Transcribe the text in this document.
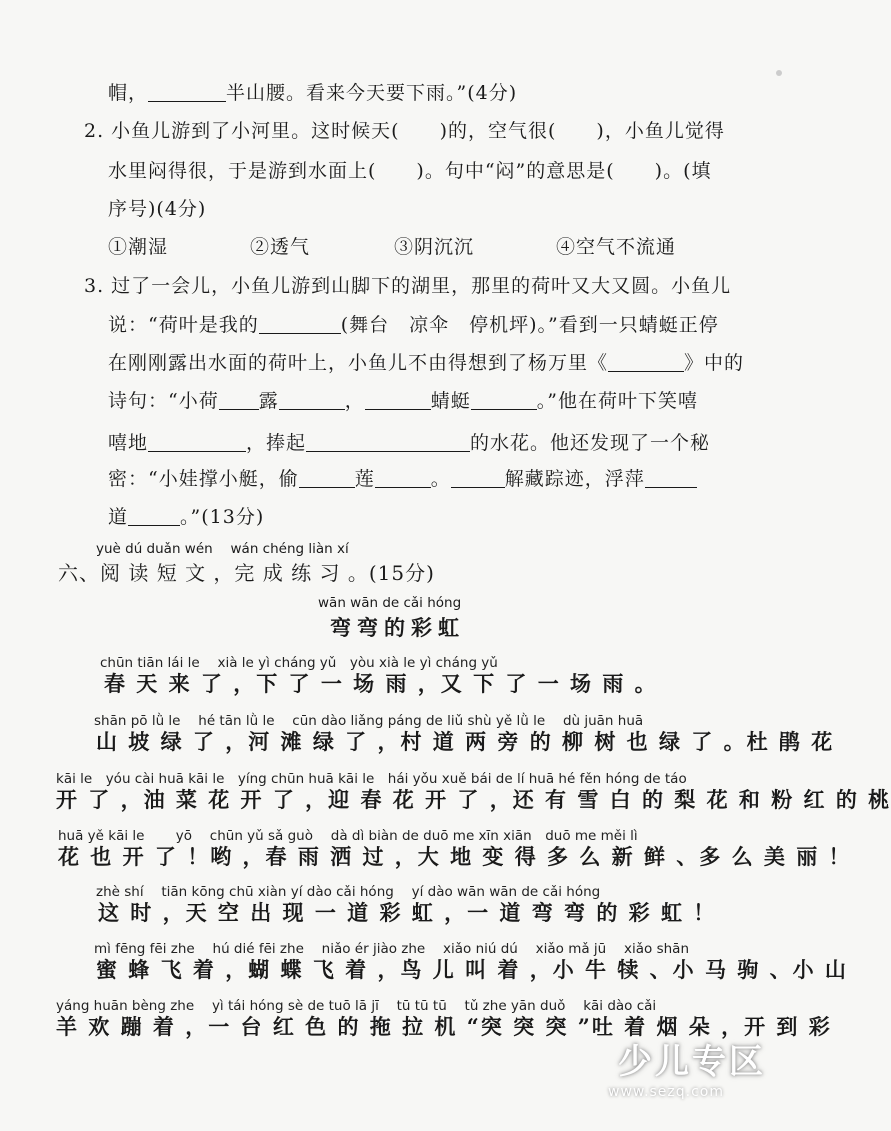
帽，	半山腰。看来今天要下雨。”(4分)
2. 小鱼儿游到了小河里。这时候天(　　)的，空气很(　　)，小鱼儿觉得
水里闷得很，于是游到水面上(　　)。句中“闷”的意思是(　　)。(填
序号)(4分)
①潮湿	②透气	③阴沉沉	④空气不流通
3. 过了一会儿，小鱼儿游到山脚下的湖里，那里的荷叶又大又圆。小鱼儿
说：“荷叶是我的	(舞台　凉伞　停机坪)。”看到一只蜻蜓正停
在刚刚露出水面的荷叶上，小鱼儿不由得想到了杨万里《	》中的
诗句：“小荷 露	，	蜻蜓	。”他在荷叶下笑嘻
嘻地	，捧起	的水花。他还发现了一个秘
密：“小娃撑小艇，偷	莲	。	解藏踪迹，浮萍
道	。”(13分)
yuè dú duǎn wén　 wán chéng liàn xí
六、阅 读 短 文 ，完 成 练 习 。(15分)
wān wān de cǎi hóng
弯弯的彩虹
chūn tiān lái le　 xià le yì cháng yǔ　yòu xià le yì cháng yǔ
春 天 来 了 ，下 了 一 场 雨 ，又 下 了 一 场 雨 。
shān pō lǜ le　 hé tān lǜ le　 cūn dào liǎng páng de liǔ shù yě lǜ le　 dù juān huā
山 坡 绿 了 ，河 滩 绿 了 ，村 道 两 旁 的 柳 树 也 绿 了 。杜 鹃 花
kāi le　yóu cài huā kāi le　yíng chūn huā kāi le　hái yǒu xuě bái de lí huā hé fěn hóng de táo
开 了 ，油 菜 花 开 了 ，迎 春 花 开 了 ，还 有 雪 白 的 梨 花 和 粉 红 的 桃
huā yě kāi le　　 yō　 chūn yǔ sǎ guò　 dà dì biàn de duō me xīn xiān　duō me měi lì
花 也 开 了 ！哟 ，春 雨 洒 过 ，大 地 变 得 多 么 新 鲜 、多 么 美 丽 ！
zhè shí　 tiān kōng chū xiàn yí dào cǎi hóng　 yí dào wān wān de cǎi hóng
这 时 ，天 空 出 现 一 道 彩 虹 ，一 道 弯 弯 的 彩 虹 ！
mì fēng fēi zhe　 hú dié fēi zhe　 niǎo ér jiào zhe　 xiǎo niú dú　 xiǎo mǎ jū　 xiǎo shān
蜜 蜂 飞 着 ，蝴 蝶 飞 着 ，鸟 儿 叫 着 ，小 牛 犊 、小 马 驹 、小 山
yáng huān bèng zhe　 yì tái hóng sè de tuō lā jī　 tū tū tū　 tǔ zhe yān duǒ　 kāi dào cǎi
羊 欢 蹦 着 ，一 台 红 色 的 拖 拉 机 “突 突 突 ”吐 着 烟 朵 ，开 到 彩
少儿专区
www.sezq.com
